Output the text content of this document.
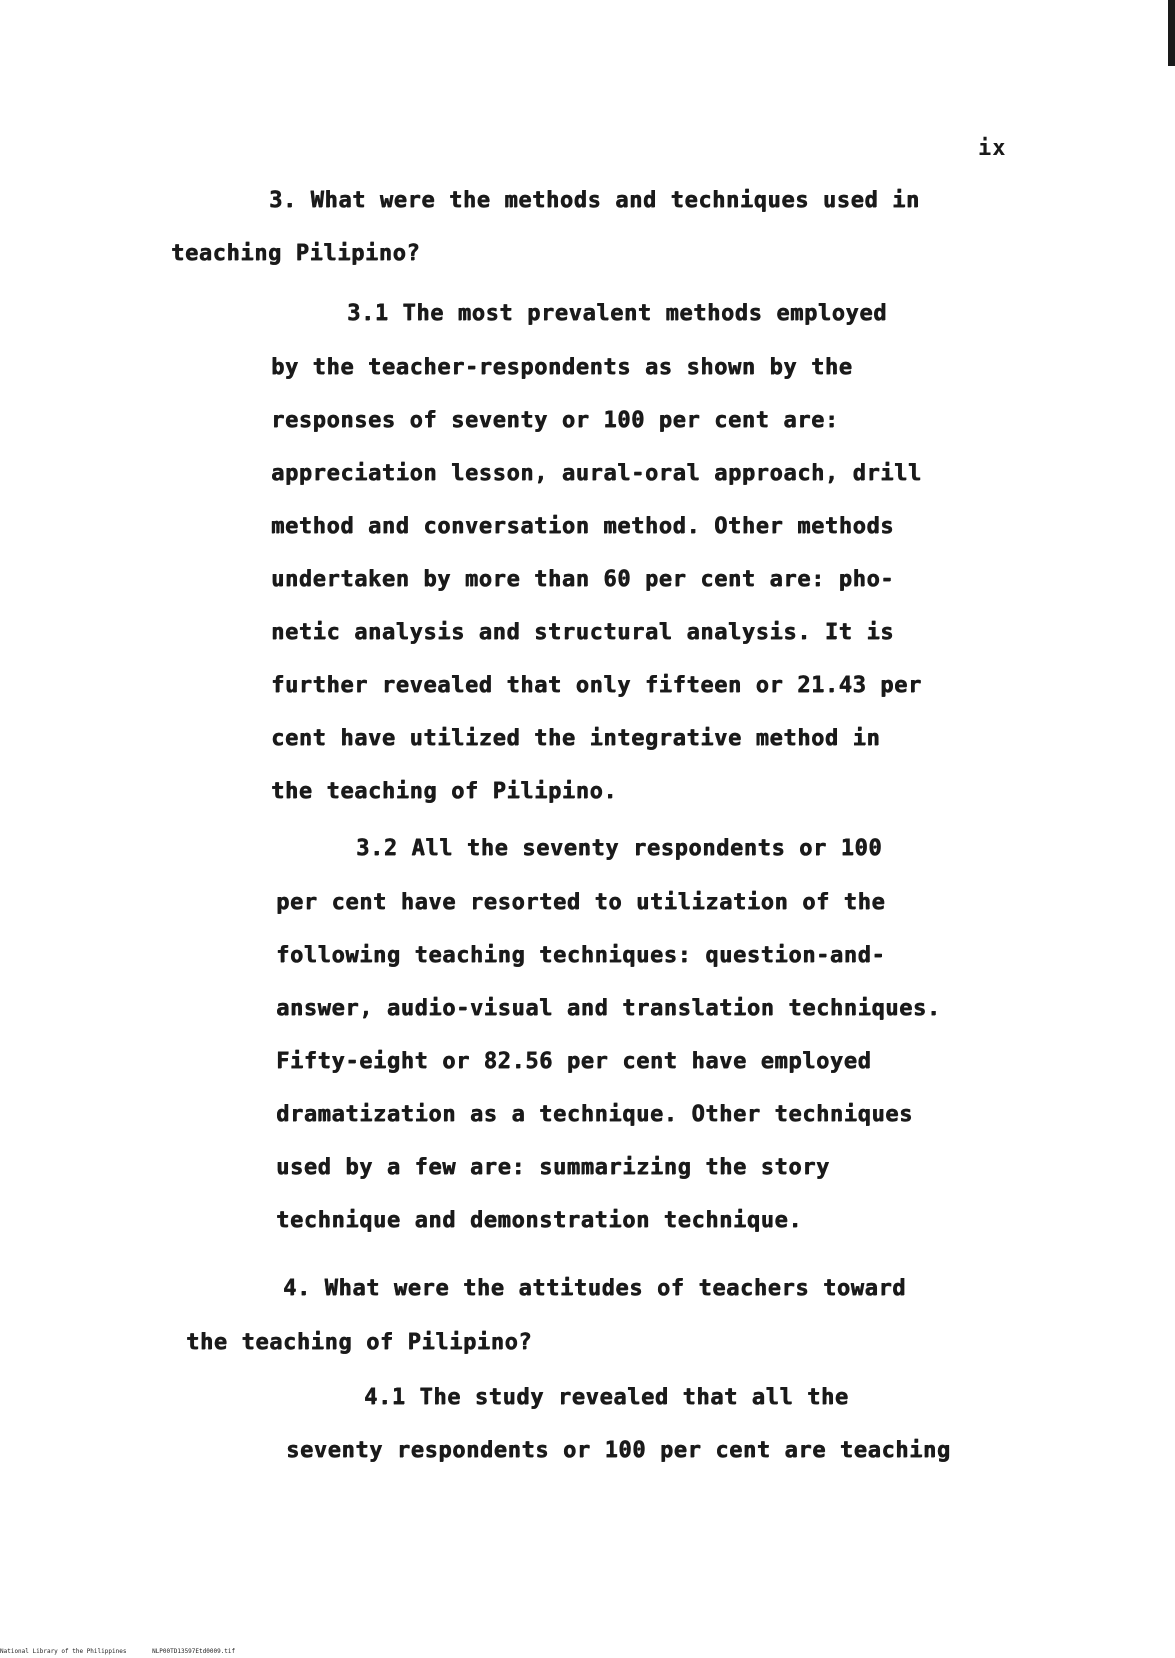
ix

3. What were the methods and techniques used in

teaching Pilipino?

3.1 The most prevalent methods employed

by the teacher-respondents as shown by the

responses of seventy or 100 per cent are:

appreciation lesson, aural-oral approach, drill

method and conversation method. Other methods

undertaken by more than 60 per cent are: pho-

netic analysis and structural analysis. It is

further revealed that only fifteen or 21.43 per

cent have utilized the integrative method in

the teaching of Pilipino.

3.2 All the seventy respondents or 100

per cent have resorted to utilization of the

following teaching techniques: question-and-

answer, audio-visual and translation techniques.

Fifty-eight or 82.56 per cent have employed

dramatization as a technique. Other techniques

used by a few are: summarizing the story

technique and demonstration technique.

4. What were the attitudes of teachers toward

the teaching of Pilipino?

4.1 The study revealed that all the

seventy respondents or 100 per cent are teaching

National Library of the Philippines	NLP00TD13597Etd0009.tif
